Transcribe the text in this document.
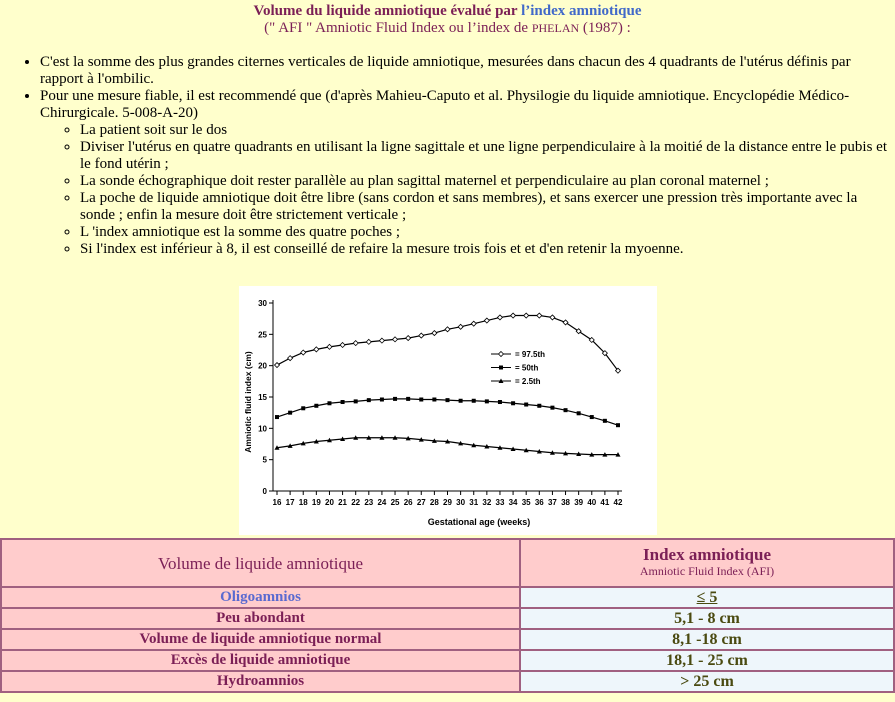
Volume du liquide amniotique évalué par l’index amniotique
(" AFI " Amniotic Fluid Index ou l’index de PHELAN (1987) :
• C'est la somme des plus grandes citernes verticales de liquide amniotique, mesurées dans chacun des 4 quadrants de l'utérus définis par rapport à l'ombilic.
• Pour une mesure fiable, il est recommendé que (d'après Mahieu-Caputo et al. Physilogie du liquide amniotique. Encyclopédie Médico-Chirurgicale. 5-008-A-20)
◦ La patient soit sur le dos
◦ Diviser l'utérus en quatre quadrants en utilisant la ligne sagittale et une ligne perpendiculaire à la moitié de la distance entre le pubis et le fond utérin ;
◦ La sonde échographique doit rester parallèle au plan sagittal maternel et perpendiculaire au plan coronal maternel ;
◦ La poche de liquide amniotique doit être libre (sans cordon et sans membres), et sans exercer une pression très importante avec la sonde ; enfin la mesure doit être strictement verticale ;
◦ L 'index amniotique est la somme des quatre poches ;
◦ Si l'index est inférieur à 8, il est conseillé de refaire la mesure trois fois et et d'en retenir la myoenne.
0
5
10
15
20
25
30
16 17 18 19 20 21 22 23 24 25 26 27 28 29 30 31 32 33 34 35 36 37 38 39 40 41 42
= 97.5th
= 50th
= 2.5th
Gestational age (weeks)
Amniotic fluid index (cm)
Volume de liquide amniotique	Index amniotique
Amniotic Fluid Index (AFI)

Oligoamnios	≤ 5
Peu abondant	5,1 - 8 cm
Volume de liquide amniotique normal	8,1 -18 cm
Excès de liquide amniotique	18,1 - 25 cm
Hydroamnios	> 25 cm
